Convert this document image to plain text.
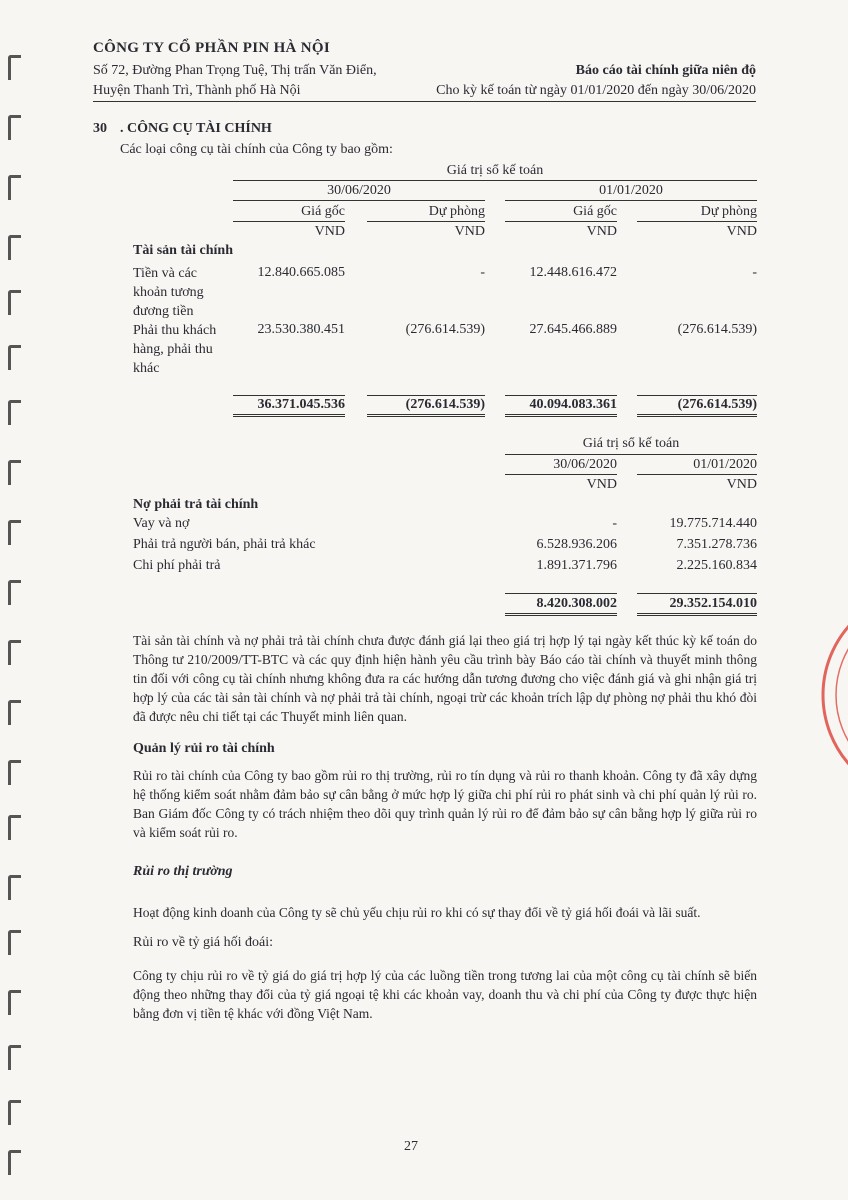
CÔNG TY CỔ PHẦN PIN HÀ NỘI
Số 72, Đường Phan Trọng Tuệ, Thị trấn Văn Điển,
Huyện Thanh Trì, Thành phố Hà Nội
Báo cáo tài chính giữa niên độ
Cho kỳ kế toán từ ngày 01/01/2020 đến ngày 30/06/2020
30 . CÔNG CỤ TÀI CHÍNH
Các loại công cụ tài chính của Công ty bao gồm:
Giá trị sổ kế toán
30/06/2020	01/01/2020
Giá gốc	Dự phòng	Giá gốc	Dự phòng
VND	VND	VND	VND
Tài sản tài chính
Tiền và các khoản tương đương tiền
12.840.665.085	-	12.448.616.472	-
Phải thu khách hàng, phải thu khác
23.530.380.451	(276.614.539)	27.645.466.889	(276.614.539)
36.371.045.536	(276.614.539)	40.094.083.361	(276.614.539)
Giá trị sổ kế toán
30/06/2020	01/01/2020
VND	VND
Nợ phải trả tài chính
Vay và nợ	-	19.775.714.440
Phải trả người bán, phải trả khác	6.528.936.206	7.351.278.736
Chi phí phải trả	1.891.371.796	2.225.160.834
8.420.308.002	29.352.154.010
Tài sản tài chính và nợ phải trả tài chính chưa được đánh giá lại theo giá trị hợp lý tại ngày kết thúc kỳ kế toán do Thông tư 210/2009/TT-BTC và các quy định hiện hành yêu cầu trình bày Báo cáo tài chính và thuyết minh thông tin đối với công cụ tài chính nhưng không đưa ra các hướng dẫn tương đương cho việc đánh giá và ghi nhận giá trị hợp lý của các tài sản tài chính và nợ phải trả tài chính, ngoại trừ các khoản trích lập dự phòng nợ phải thu khó đòi đã được nêu chi tiết tại các Thuyết minh liên quan.
Quản lý rủi ro tài chính
Rủi ro tài chính của Công ty bao gồm rủi ro thị trường, rủi ro tín dụng và rủi ro thanh khoản. Công ty đã xây dựng hệ thống kiểm soát nhằm đảm bảo sự cân bằng ở mức hợp lý giữa chi phí rủi ro phát sinh và chi phí quản lý rủi ro. Ban Giám đốc Công ty có trách nhiệm theo dõi quy trình quản lý rủi ro để đảm bảo sự cân bằng hợp lý giữa rủi ro và kiểm soát rủi ro.
Rủi ro thị trường
Hoạt động kinh doanh của Công ty sẽ chủ yếu chịu rủi ro khi có sự thay đổi về tỷ giá hối đoái và lãi suất.
Rủi ro về tỷ giá hối đoái:
Công ty chịu rủi ro về tỷ giá do giá trị hợp lý của các luồng tiền trong tương lai của một công cụ tài chính sẽ biến động theo những thay đổi của tỷ giá ngoại tệ khi các khoản vay, doanh thu và chi phí của Công ty được thực hiện bằng đơn vị tiền tệ khác với đồng Việt Nam.
27
